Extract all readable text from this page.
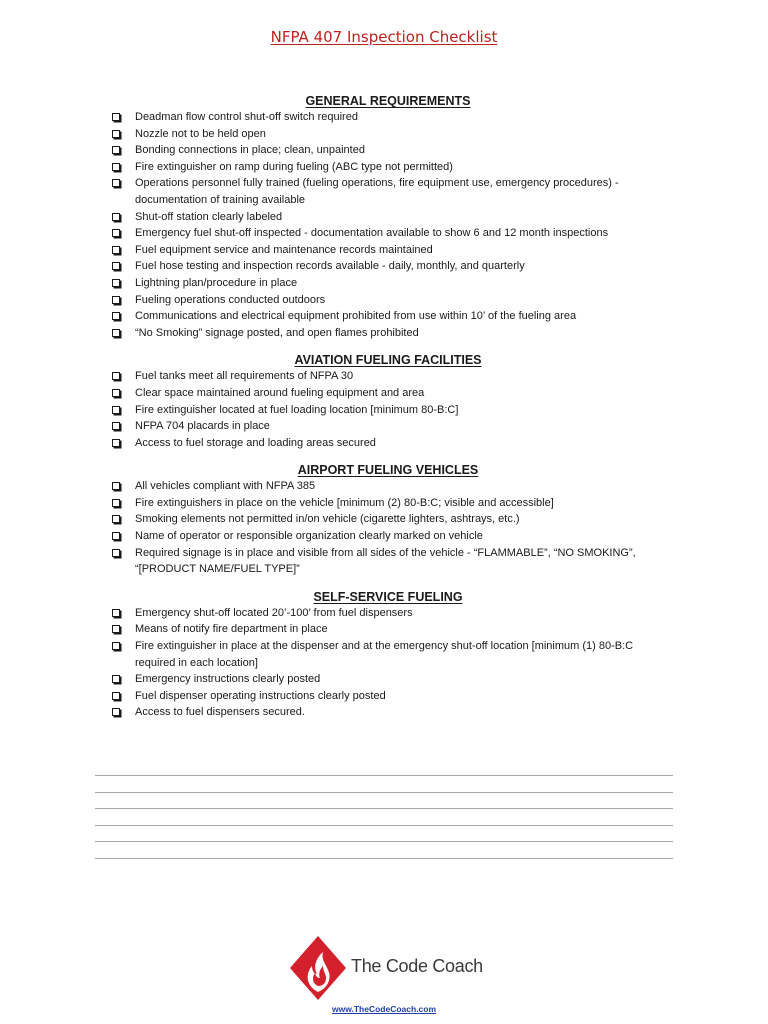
NFPA 407 Inspection Checklist
GENERAL REQUIREMENTS
Deadman flow control shut-off switch required
Nozzle not to be held open
Bonding connections in place; clean, unpainted
Fire extinguisher on ramp during fueling (ABC type not permitted)
Operations personnel fully trained (fueling operations, fire equipment use, emergency procedures) - documentation of training available
Shut-off station clearly labeled
Emergency fuel shut-off inspected - documentation available to show 6 and 12 month inspections
Fuel equipment service and maintenance records maintained
Fuel hose testing and inspection records available - daily, monthly, and quarterly
Lightning plan/procedure in place
Fueling operations conducted outdoors
Communications and electrical equipment prohibited from use within 10’ of the fueling area
“No Smoking” signage posted, and open flames prohibited
AVIATION FUELING FACILITIES
Fuel tanks meet all requirements of NFPA 30
Clear space maintained around fueling equipment and area
Fire extinguisher located at fuel loading location [minimum 80-B:C]
NFPA 704 placards in place
Access to fuel storage and loading areas secured
AIRPORT FUELING VEHICLES
All vehicles compliant with NFPA 385
Fire extinguishers in place on the vehicle [minimum (2) 80-B:C; visible and accessible]
Smoking elements not permitted in/on vehicle (cigarette lighters, ashtrays, etc.)
Name of operator or responsible organization clearly marked on vehicle
Required signage is in place and visible from all sides of the vehicle - “FLAMMABLE”, “NO SMOKING”, “[PRODUCT NAME/FUEL TYPE]”
SELF-SERVICE FUELING
Emergency shut-off located 20’-100’ from fuel dispensers
Means of notify fire department in place
Fire extinguisher in place at the dispenser and at the emergency shut-off location [minimum (1) 80-B:C required in each location]
Emergency instructions clearly posted
Fuel dispenser operating instructions clearly posted
Access to fuel dispensers secured.
The Code Coach
www.TheCodeCoach.com
